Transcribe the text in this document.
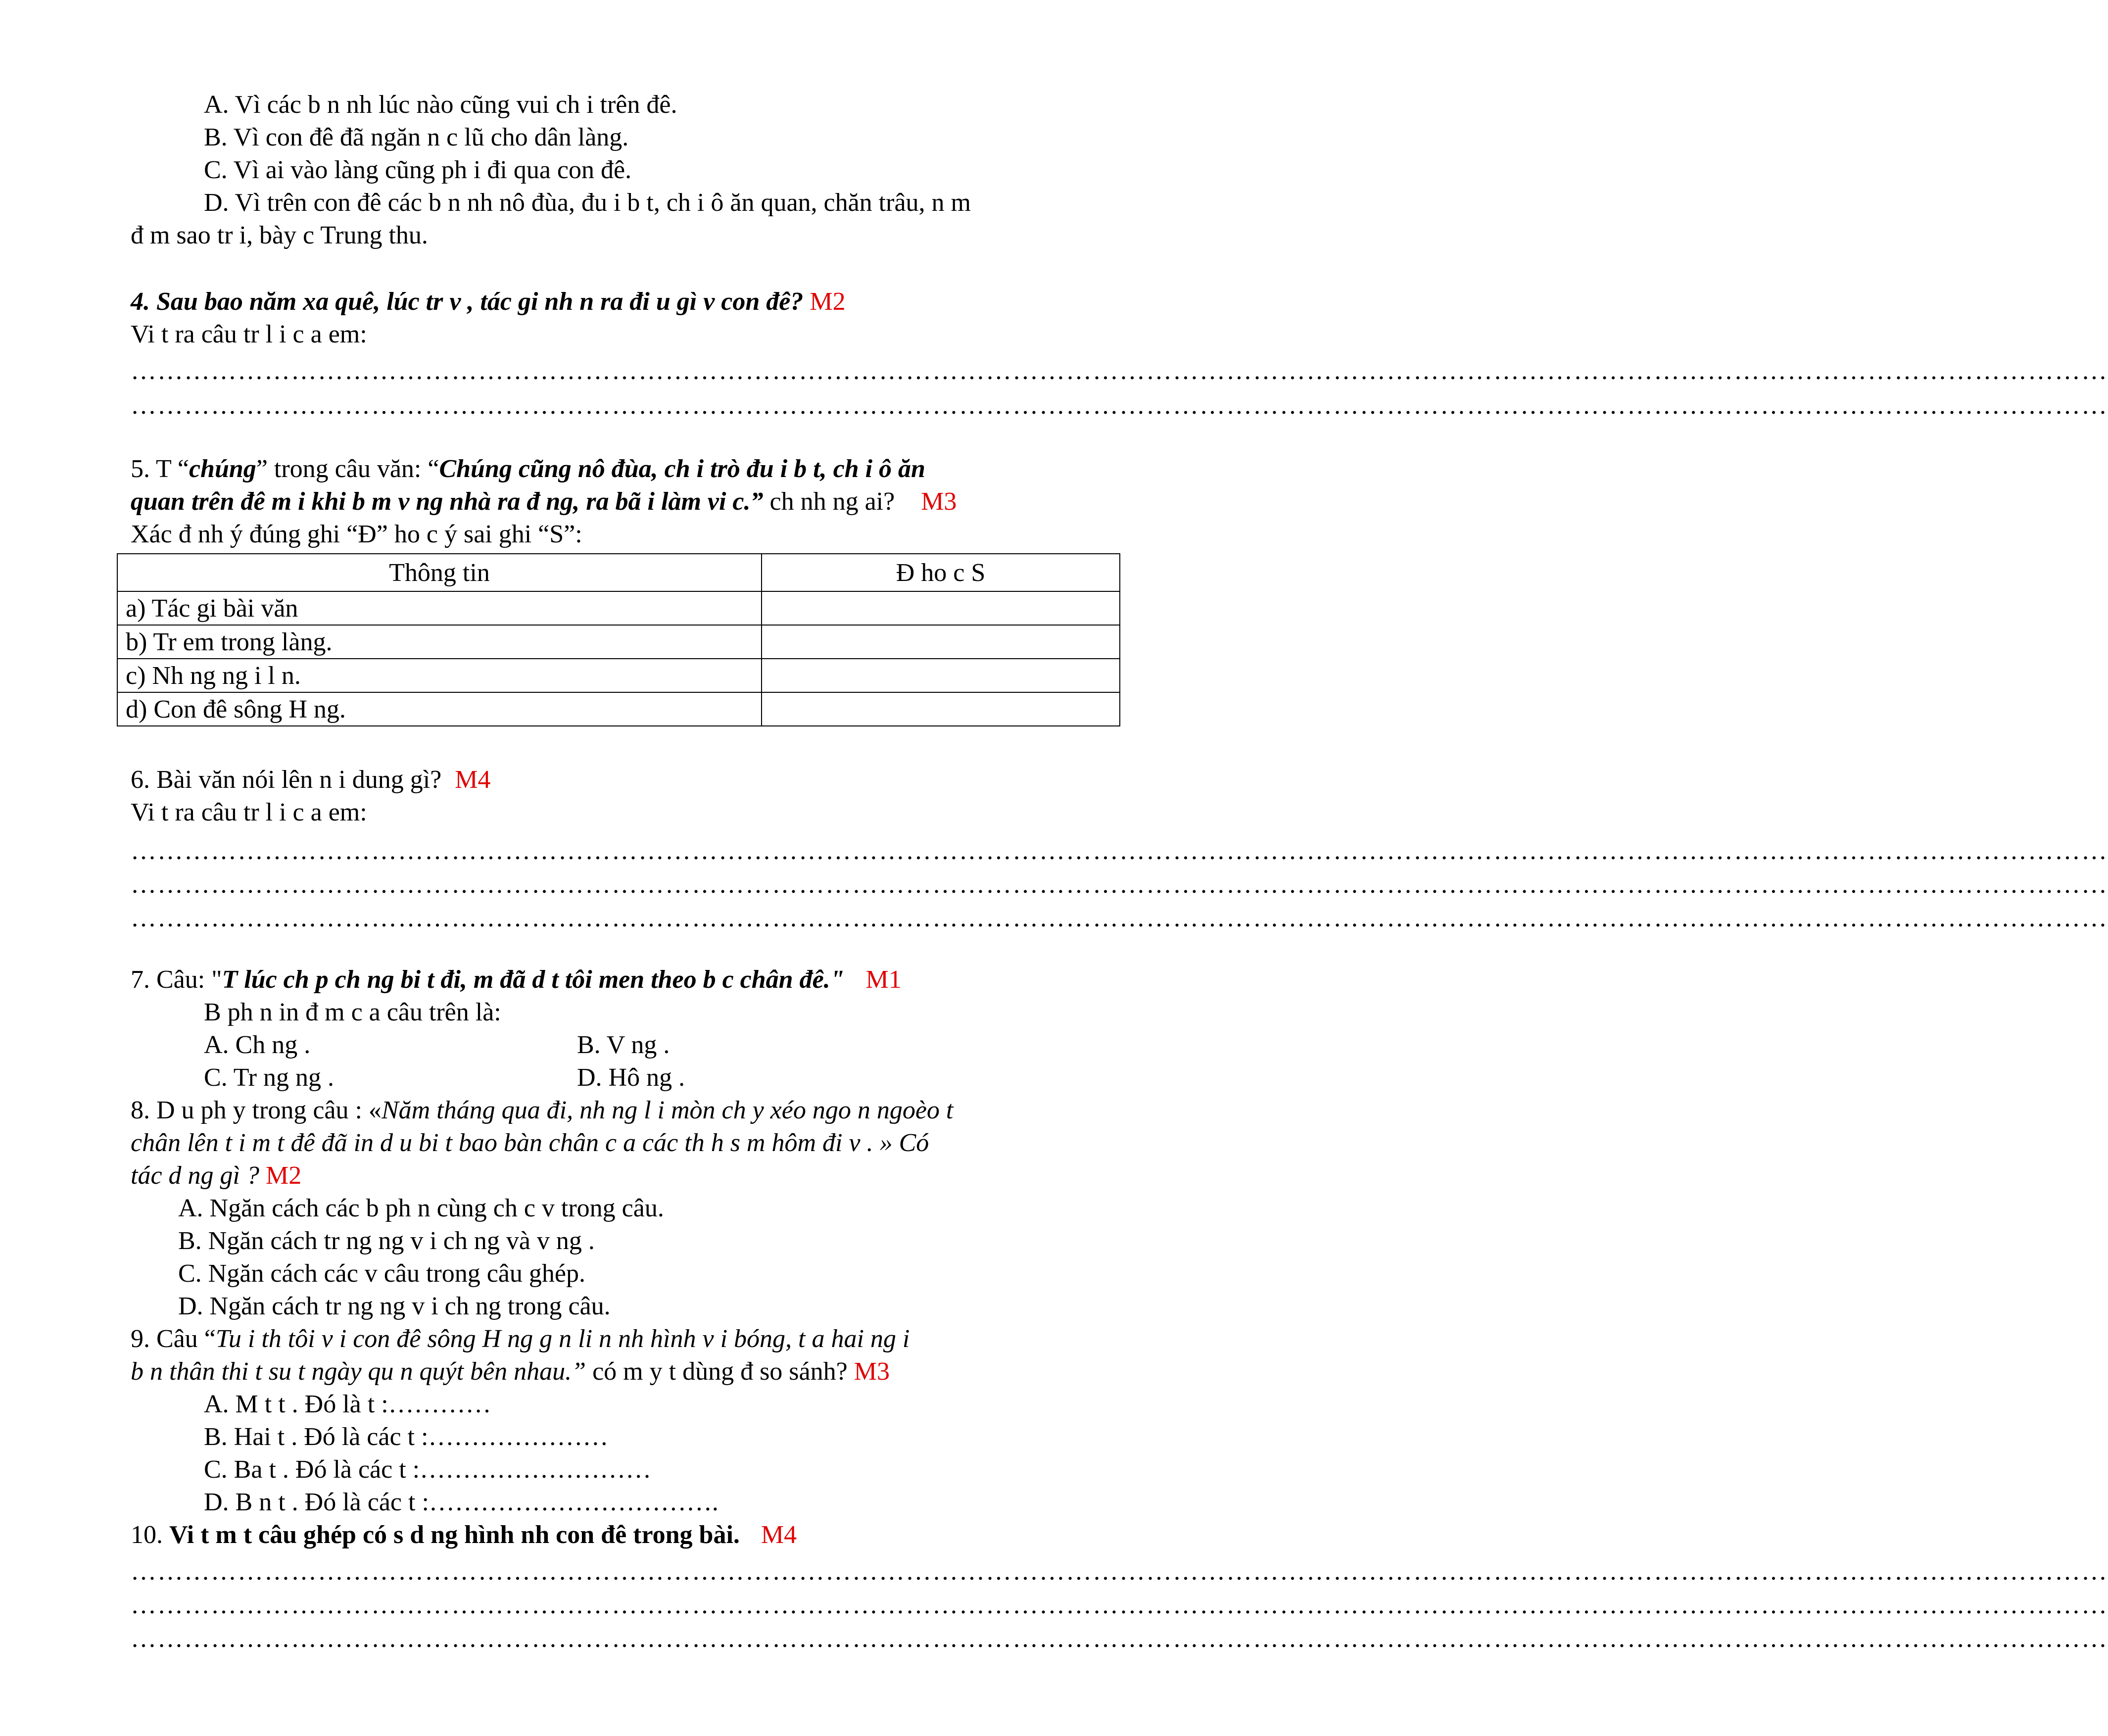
A. Vì các b n nh lúc nào cũng vui ch i trên đê.
B. Vì con đê đã ngăn n c lũ cho dân làng.
C. Vì ai vào làng cũng ph i đi qua con đê.
D. Vì trên con đê các b n nh nô đùa, đu i b t, ch i ô ăn quan, chăn trâu, n m
đ m sao tr i, bày c Trung thu.
4. Sau bao năm xa quê, lúc tr v , tác gi nh n ra đi u gì v con đê? M2
Vi t ra câu tr l i c a em:
……………………………………………………………………………………………………………………………………………………………………………………………………
……………………………………………………………………………………………………………………………………………………………………………………………………
5. T “chúng” trong câu văn: “Chúng cũng nô đùa, ch i trò đu i b t, ch i ô ăn
quan trên đê m i khi b m v ng nhà ra đ ng, ra bã i làm vi c.” ch nh ng ai? M3
Xác đ nh ý đúng ghi “Đ” ho c ý sai ghi “S”:
Thông tin	Đ ho c S
a) Tác gi bài văn	
b) Tr em trong làng.	
c) Nh ng ng i l n.	
d) Con đê sông H ng.	
6. Bài văn nói lên n i dung gì? M4
Vi t ra câu tr l i c a em:
……………………………………………………………………………………………………………………………………………………………………………………………………
……………………………………………………………………………………………………………………………………………………………………………………………………
……………………………………………………………………………………………………………………………………………………………………………………………………
7. Câu: "T lúc ch p ch ng bi t đi, m đã d t tôi men theo b c chân đê." M1
B ph n in đ m c a câu trên là:
A. Ch ng .	B. V ng .
C. Tr ng ng .	D. Hô ng .
8. D u ph y trong câu : «Năm tháng qua đi, nh ng l i mòn ch y xéo ngo n ngoèo t
chân lên t i m t đê đã in d u bi t bao bàn chân c a các th h s m hôm đi v . » Có
tác d ng gì ? M2
A. Ngăn cách các b ph n cùng ch c v trong câu.
B. Ngăn cách tr ng ng v i ch ng và v ng .
C. Ngăn cách các v câu trong câu ghép.
D. Ngăn cách tr ng ng v i ch ng trong câu.
9. Câu “Tu i th tôi v i con đê sông H ng g n li n nh hình v i bóng, t a hai ng i
b n thân thi t su t ngày qu n quýt bên nhau.” có m y t dùng đ so sánh? M3
A. M t t . Đó là t :…………
B. Hai t . Đó là các t :…………………
C. Ba t . Đó là các t :………………………
D. B n t . Đó là các t :…………………………….
10. Vi t m t câu ghép có s d ng hình nh con đê trong bài. M4
……………………………………………………………………………………………………………………………………………………………………………………………………
……………………………………………………………………………………………………………………………………………………………………………………………………
……………………………………………………………………………………………………………………………………………………………………………………………………
